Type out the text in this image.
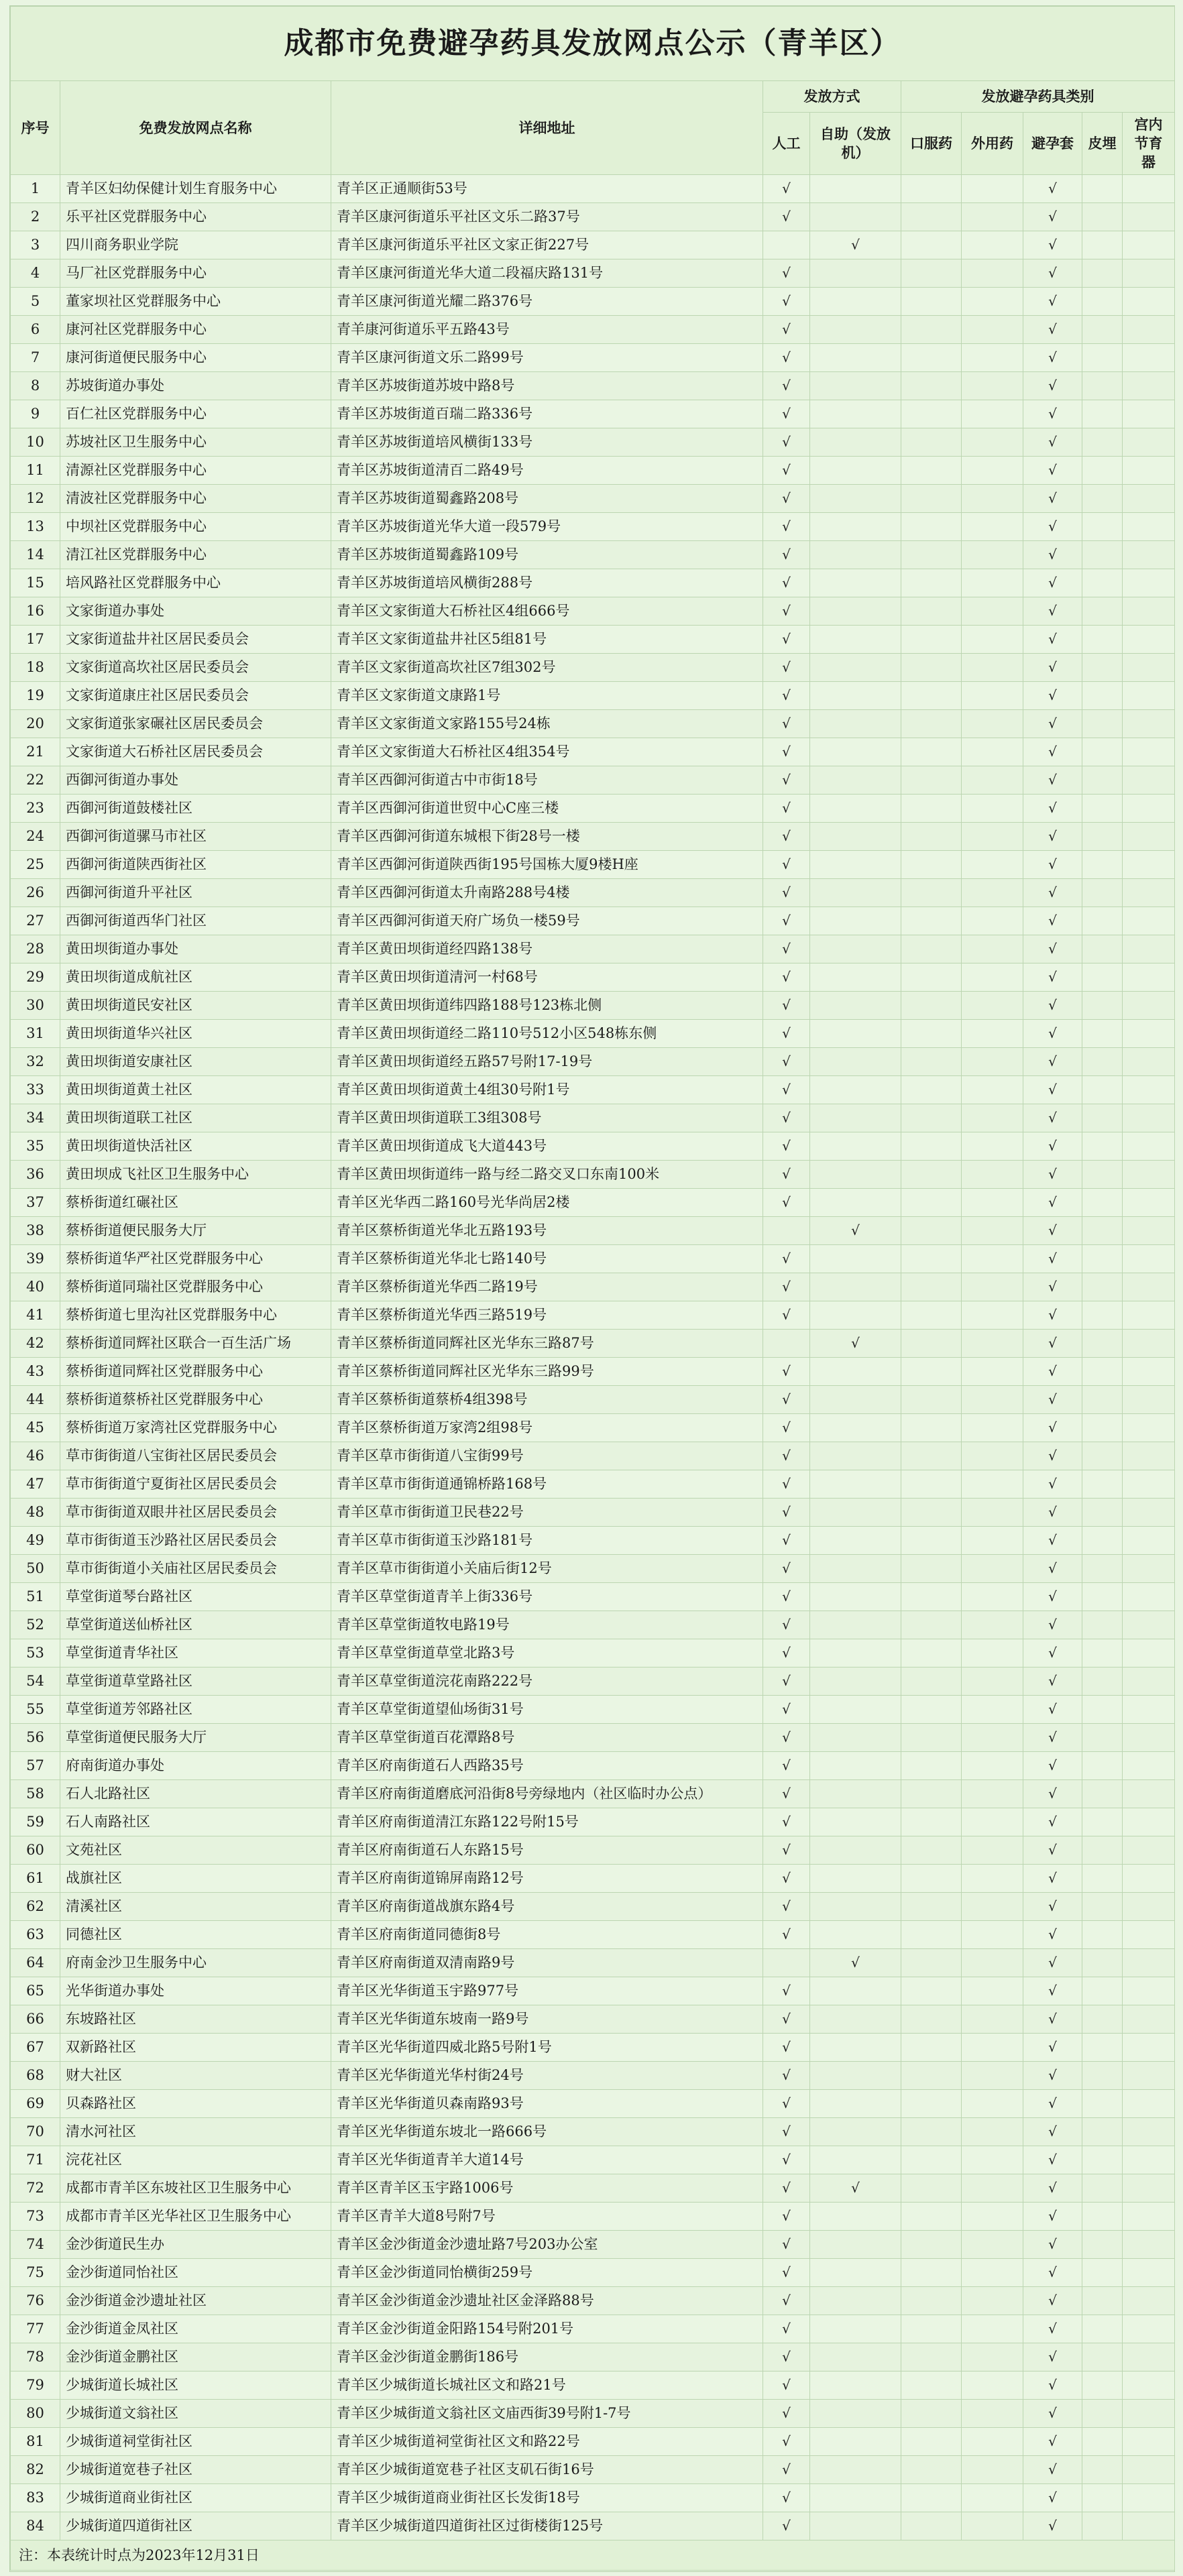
成都市免费避孕药具发放网点公示（青羊区）									
序号	免费发放网点名称	详细地址	发放方式		发放避孕药具类别				
			人工	自助（发放机）	口服药	外用药	避孕套	皮埋	宫内节育器
1	青羊区妇幼保健计划生育服务中心	青羊区正通顺街53号	√				√		
2	乐平社区党群服务中心	青羊区康河街道乐平社区文乐二路37号	√				√		
3	四川商务职业学院	青羊区康河街道乐平社区文家正街227号		√			√		
4	马厂社区党群服务中心	青羊区康河街道光华大道二段福庆路131号	√				√		
5	董家坝社区党群服务中心	青羊区康河街道光耀二路376号	√				√		
6	康河社区党群服务中心	青羊康河街道乐平五路43号	√				√		
7	康河街道便民服务中心	青羊区康河街道文乐二路99号	√				√		
8	苏坡街道办事处	青羊区苏坡街道苏坡中路8号	√				√		
9	百仁社区党群服务中心	青羊区苏坡街道百瑞二路336号	√				√		
10	苏坡社区卫生服务中心	青羊区苏坡街道培风横街133号	√				√		
11	清源社区党群服务中心	青羊区苏坡街道清百二路49号	√				√		
12	清波社区党群服务中心	青羊区苏坡街道蜀鑫路208号	√				√		
13	中坝社区党群服务中心	青羊区苏坡街道光华大道一段579号	√				√		
14	清江社区党群服务中心	青羊区苏坡街道蜀鑫路109号	√				√		
15	培风路社区党群服务中心	青羊区苏坡街道培风横街288号	√				√		
16	文家街道办事处	青羊区文家街道大石桥社区4组666号	√				√		
17	文家街道盐井社区居民委员会	青羊区文家街道盐井社区5组81号	√				√		
18	文家街道高坎社区居民委员会	青羊区文家街道高坎社区7组302号	√				√		
19	文家街道康庄社区居民委员会	青羊区文家街道文康路1号	√				√		
20	文家街道张家碾社区居民委员会	青羊区文家街道文家路155号24栋	√				√		
21	文家街道大石桥社区居民委员会	青羊区文家街道大石桥社区4组354号	√				√		
22	西御河街道办事处	青羊区西御河街道古中市街18号	√				√		
23	西御河街道鼓楼社区	青羊区西御河街道世贸中心C座三楼	√				√		
24	西御河街道骡马市社区	青羊区西御河街道东城根下街28号一楼	√				√		
25	西御河街道陕西街社区	青羊区西御河街道陕西街195号国栋大厦9楼H座	√				√		
26	西御河街道升平社区	青羊区西御河街道太升南路288号4楼	√				√		
27	西御河街道西华门社区	青羊区西御河街道天府广场负一楼59号	√				√		
28	黄田坝街道办事处	青羊区黄田坝街道经四路138号	√				√		
29	黄田坝街道成航社区	青羊区黄田坝街道清河一村68号	√				√		
30	黄田坝街道民安社区	青羊区黄田坝街道纬四路188号123栋北侧	√				√		
31	黄田坝街道华兴社区	青羊区黄田坝街道经二路110号512小区548栋东侧	√				√		
32	黄田坝街道安康社区	青羊区黄田坝街道经五路57号附17-19号	√				√		
33	黄田坝街道黄土社区	青羊区黄田坝街道黄土4组30号附1号	√				√		
34	黄田坝街道联工社区	青羊区黄田坝街道联工3组308号	√				√		
35	黄田坝街道快活社区	青羊区黄田坝街道成飞大道443号	√				√		
36	黄田坝成飞社区卫生服务中心	青羊区黄田坝街道纬一路与经二路交叉口东南100米	√				√		
37	蔡桥街道红碾社区	青羊区光华西二路160号光华尚居2楼	√				√		
38	蔡桥街道便民服务大厅	青羊区蔡桥街道光华北五路193号		√			√		
39	蔡桥街道华严社区党群服务中心	青羊区蔡桥街道光华北七路140号	√				√		
40	蔡桥街道同瑞社区党群服务中心	青羊区蔡桥街道光华西二路19号	√				√		
41	蔡桥街道七里沟社区党群服务中心	青羊区蔡桥街道光华西三路519号	√				√		
42	蔡桥街道同辉社区联合一百生活广场	青羊区蔡桥街道同辉社区光华东三路87号		√			√		
43	蔡桥街道同辉社区党群服务中心	青羊区蔡桥街道同辉社区光华东三路99号	√				√		
44	蔡桥街道蔡桥社区党群服务中心	青羊区蔡桥街道蔡桥4组398号	√				√		
45	蔡桥街道万家湾社区党群服务中心	青羊区蔡桥街道万家湾2组98号	√				√		
46	草市街街道八宝街社区居民委员会	青羊区草市街街道八宝街99号	√				√		
47	草市街街道宁夏街社区居民委员会	青羊区草市街街道通锦桥路168号	√				√		
48	草市街街道双眼井社区居民委员会	青羊区草市街街道卫民巷22号	√				√		
49	草市街街道玉沙路社区居民委员会	青羊区草市街街道玉沙路181号	√				√		
50	草市街街道小关庙社区居民委员会	青羊区草市街街道小关庙后街12号	√				√		
51	草堂街道琴台路社区	青羊区草堂街道青羊上街336号	√				√		
52	草堂街道送仙桥社区	青羊区草堂街道牧电路19号	√				√		
53	草堂街道青华社区	青羊区草堂街道草堂北路3号	√				√		
54	草堂街道草堂路社区	青羊区草堂街道浣花南路222号	√				√		
55	草堂街道芳邻路社区	青羊区草堂街道望仙场街31号	√				√		
56	草堂街道便民服务大厅	青羊区草堂街道百花潭路8号	√				√		
57	府南街道办事处	青羊区府南街道石人西路35号	√				√		
58	石人北路社区	青羊区府南街道磨底河沿街8号旁绿地内（社区临时办公点）	√				√		
59	石人南路社区	青羊区府南街道清江东路122号附15号	√				√		
60	文苑社区	青羊区府南街道石人东路15号	√				√		
61	战旗社区	青羊区府南街道锦屏南路12号	√				√		
62	清溪社区	青羊区府南街道战旗东路4号	√				√		
63	同德社区	青羊区府南街道同德街8号	√				√		
64	府南金沙卫生服务中心	青羊区府南街道双清南路9号		√			√		
65	光华街道办事处	青羊区光华街道玉宇路977号	√				√		
66	东坡路社区	青羊区光华街道东坡南一路9号	√				√		
67	双新路社区	青羊区光华街道四威北路5号附1号	√				√		
68	财大社区	青羊区光华街道光华村街24号	√				√		
69	贝森路社区	青羊区光华街道贝森南路93号	√				√		
70	清水河社区	青羊区光华街道东坡北一路666号	√				√		
71	浣花社区	青羊区光华街道青羊大道14号	√				√		
72	成都市青羊区东坡社区卫生服务中心	青羊区青羊区玉宇路1006号	√	√			√		
73	成都市青羊区光华社区卫生服务中心	青羊区青羊大道8号附7号	√				√		
74	金沙街道民生办	青羊区金沙街道金沙遗址路7号203办公室	√				√		
75	金沙街道同怡社区	青羊区金沙街道同怡横街259号	√				√		
76	金沙街道金沙遗址社区	青羊区金沙街道金沙遗址社区金泽路88号	√				√		
77	金沙街道金凤社区	青羊区金沙街道金阳路154号附201号	√				√		
78	金沙街道金鹏社区	青羊区金沙街道金鹏街186号	√				√		
79	少城街道长城社区	青羊区少城街道长城社区文和路21号	√				√		
80	少城街道文翁社区	青羊区少城街道文翁社区文庙西街39号附1-7号	√				√		
81	少城街道祠堂街社区	青羊区少城街道祠堂街社区文和路22号	√				√		
82	少城街道宽巷子社区	青羊区少城街道宽巷子社区支矶石街16号	√				√		
83	少城街道商业街社区	青羊区少城街道商业街社区长发街18号	√				√		
84	少城街道四道街社区	青羊区少城街道四道街社区过街楼街125号	√				√		
注：本表统计时点为2023年12月31日									
